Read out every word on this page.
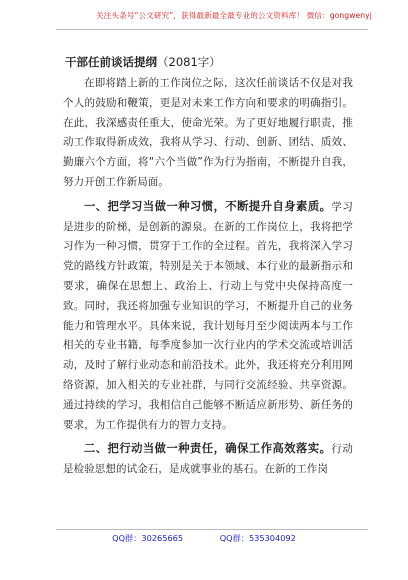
关注头条号“公文研究”，获得最新最全最专业的公文资料库！ 微信：gongwenyj
干部任前谈话提纲（2081字）

在即将踏上新的工作岗位之际，这次任前谈话不仅是对我个人的鼓励和鞭策，更是对未来工作方向和要求的明确指引。在此，我深感责任重大，使命光荣。为了更好地履行职责，推动工作取得新成效，我将从学习、行动、创新、团结、质效、勤廉六个方面，将“六个当做”作为行为指南，不断提升自我，努力开创工作新局面。

一、把学习当做一种习惯，不断提升自身素质。学习是进步的阶梯，是创新的源泉。在新的工作岗位上，我将把学习作为一种习惯，贯穿于工作的全过程。首先，我将深入学习党的路线方针政策，特别是关于本领域、本行业的最新指示和要求，确保在思想上、政治上、行动上与党中央保持高度一致。同时，我还将加强专业知识的学习，不断提升自己的业务能力和管理水平。具体来说，我计划每月至少阅读两本与工作相关的专业书籍，每季度参加一次行业内的学术交流或培训活动，及时了解行业动态和前沿技术。此外，我还将充分利用网络资源，加入相关的专业社群，与同行交流经验、共享资源。通过持续的学习，我相信自己能够不断适应新形势、新任务的要求，为工作提供有力的智力支持。

二、把行动当做一种责任，确保工作高效落实。行动是检验思想的试金石，是成就事业的基石。在新的工作岗

QQ群：30265665	QQ群：535304092
